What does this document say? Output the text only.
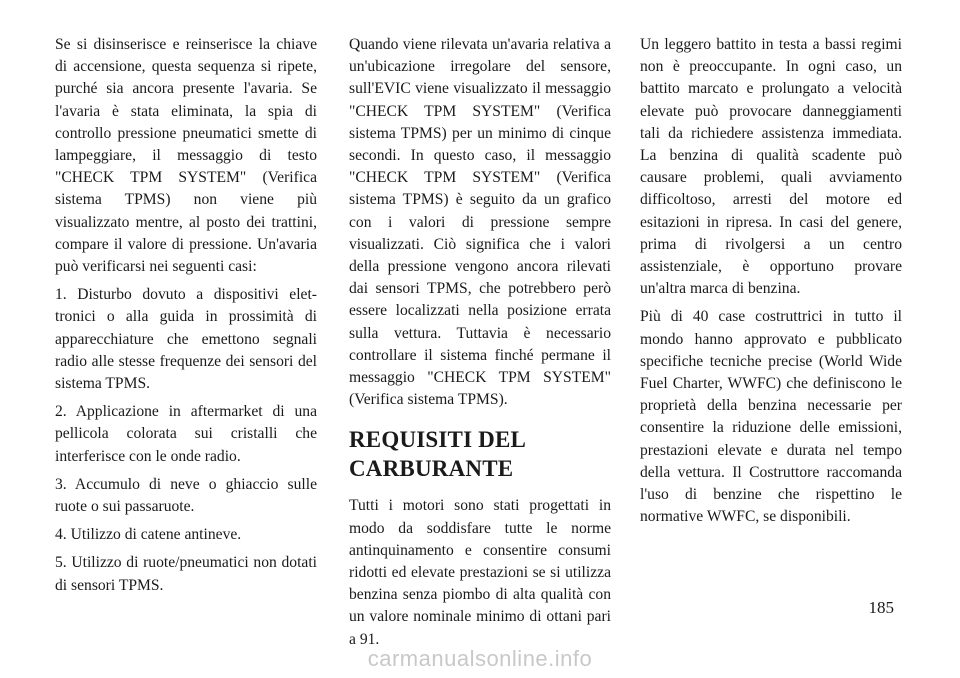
Se si disinserisce e reinserisce la chiave di accensione, questa sequenza si ripete, purché sia ancora presente l'avaria. Se l'avaria è stata eliminata, la spia di controllo pressione pneumatici smette di lampeggiare, il messaggio di testo "CHECK TPM SYSTEM" (Verifica sistema TPMS) non viene più visualizzato mentre, al posto dei trattini, compare il valore di pressione. Un'avaria può verificarsi nei seguenti casi:

1. Disturbo dovuto a dispositivi elettronici o alla guida in prossimità di apparecchiature che emettono segnali radio alle stesse frequenze dei sensori del sistema TPMS.

2. Applicazione in aftermarket di una pellicola colorata sui cristalli che interferisce con le onde radio.

3. Accumulo di neve o ghiaccio sulle ruote o sui passaruote.

4. Utilizzo di catene antineve.

5. Utilizzo di ruote/pneumatici non dotati di sensori TPMS.

Quando viene rilevata un'avaria relativa a un'ubicazione irregolare del sensore, sull'EVIC viene visualizzato il messaggio "CHECK TPM SYSTEM" (Verifica sistema TPMS) per un minimo di cinque secondi. In questo caso, il messaggio "CHECK TPM SYSTEM" (Verifica sistema TPMS) è seguito da un grafico con i valori di pressione sempre visualizzati. Ciò significa che i valori della pressione vengono ancora rilevati dai sensori TPMS, che potrebbero però essere localizzati nella posizione errata sulla vettura. Tuttavia è necessario controllare il sistema finché permane il messaggio "CHECK TPM SYSTEM" (Verifica sistema TPMS).

REQUISITI DEL
CARBURANTE

Tutti i motori sono stati progettati in modo da soddisfare tutte le norme antinquinamento e consentire consumi ridotti ed elevate prestazioni se si utilizza benzina senza piombo di alta qualità con un valore nominale minimo di ottani pari a 91.

Un leggero battito in testa a bassi regimi non è preoccupante. In ogni caso, un battito marcato e prolungato a velocità elevate può provocare danneggiamenti tali da richiedere assistenza immediata. La benzina di qualità scadente può causare problemi, quali avviamento difficoltoso, arresti del motore ed esitazioni in ripresa. In casi del genere, prima di rivolgersi a un centro assistenziale, è opportuno provare un'altra marca di benzina.

Più di 40 case costruttrici in tutto il mondo hanno approvato e pubblicato specifiche tecniche precise (World Wide Fuel Charter, WWFC) che definiscono le proprietà della benzina necessarie per consentire la riduzione delle emissioni, prestazioni elevate e durata nel tempo della vettura. Il Costruttore raccomanda l'uso di benzine che rispettino le normative WWFC, se disponibili.

185
carmanualsonline.info
